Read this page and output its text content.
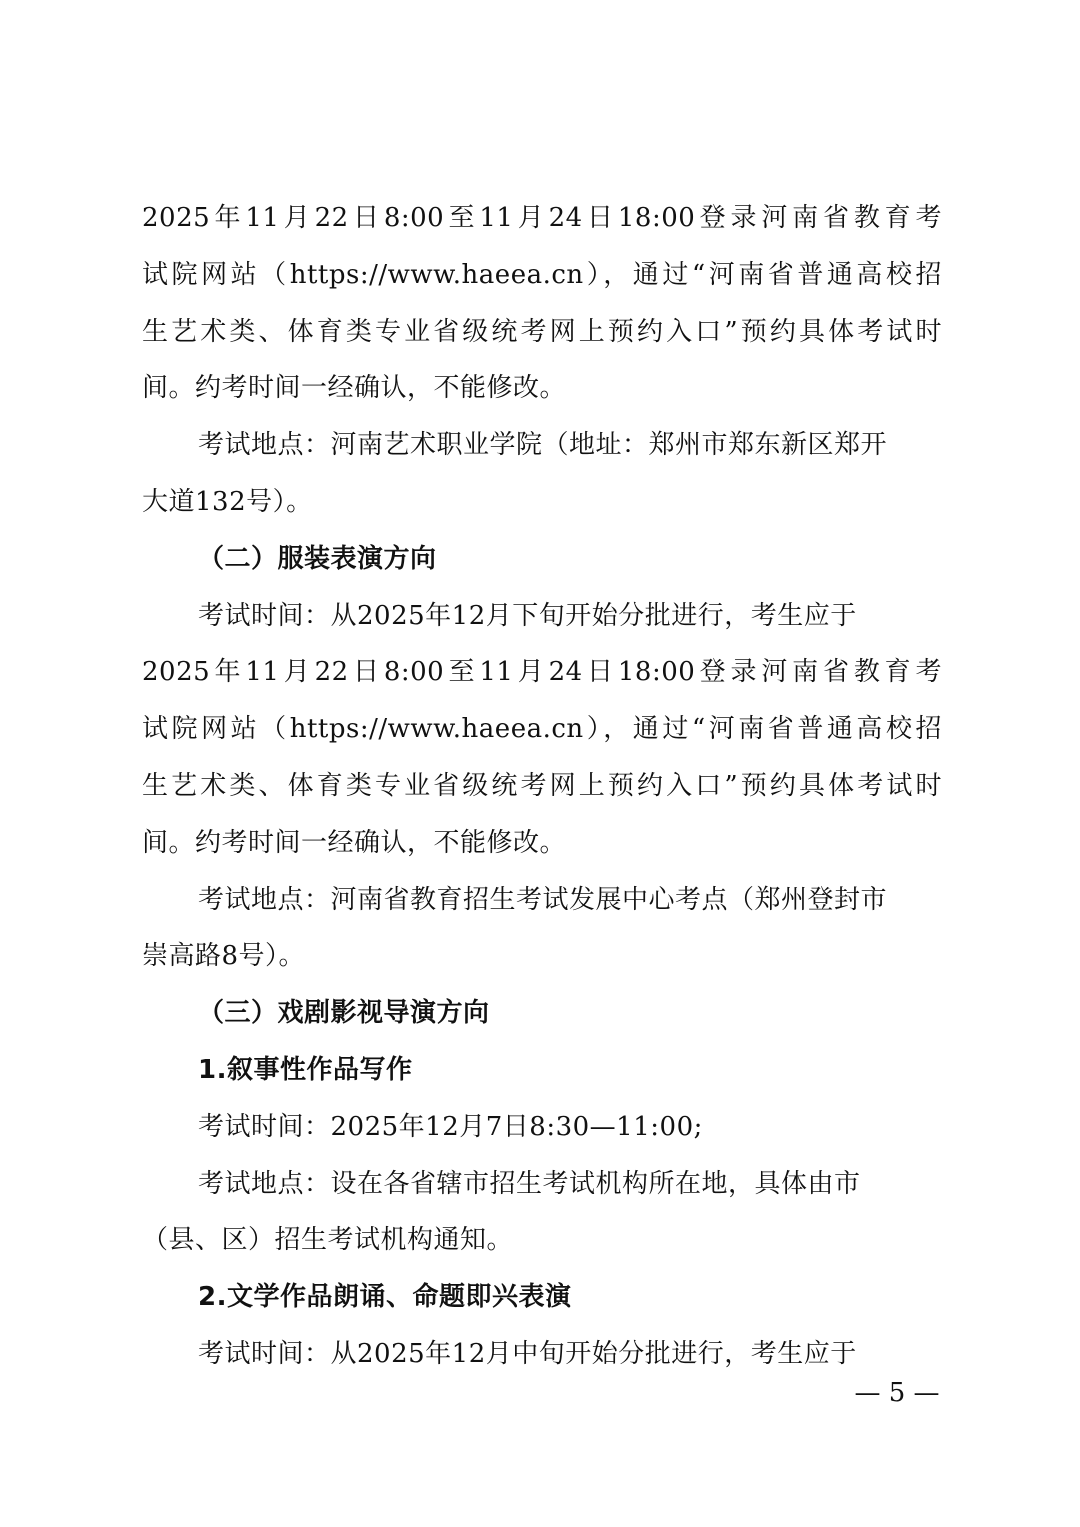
2025年11月22日8:00至11月24日18:00登录河南省教育考
试院网站（https://www.haeea.cn），通过“河南省普通高校招
生艺术类、体育类专业省级统考网上预约入口”预约具体考试时
间。约考时间一经确认，不能修改。
考试地点：河南艺术职业学院（地址：郑州市郑东新区郑开
大道132号）。
（二）服装表演方向
考试时间：从2025年12月下旬开始分批进行，考生应于
2025年11月22日8:00至11月24日18:00登录河南省教育考
试院网站（https://www.haeea.cn），通过“河南省普通高校招
生艺术类、体育类专业省级统考网上预约入口”预约具体考试时
间。约考时间一经确认，不能修改。
考试地点：河南省教育招生考试发展中心考点（郑州登封市
崇高路8号）。
（三）戏剧影视导演方向
1.叙事性作品写作
考试时间：2025年12月7日8:30—11:00;
考试地点：设在各省辖市招生考试机构所在地，具体由市
（县、区）招生考试机构通知。
2.文学作品朗诵、命题即兴表演
考试时间：从2025年12月中旬开始分批进行，考生应于
— 5 —
